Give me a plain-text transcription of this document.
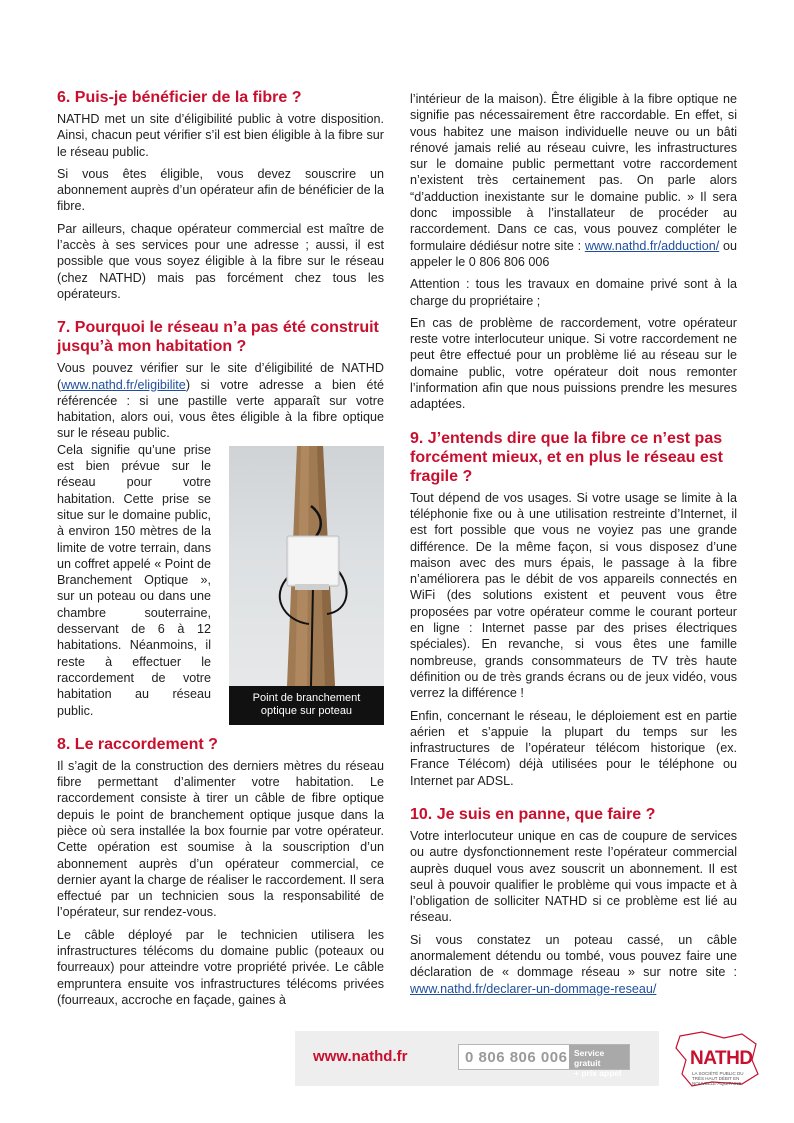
6. Puis-je bénéficier de la fibre ?

NATHD met un site d’éligibilité public à votre disposition. Ainsi, chacun peut vérifier s’il est bien éligible à la fibre sur le réseau public.

Si vous êtes éligible, vous devez souscrire un abonnement auprès d’un opérateur afin de bénéficier de la fibre.

Par ailleurs, chaque opérateur commercial est maître de l’accès à ses services pour une adresse ; aussi, il est possible que vous soyez éligible à la fibre sur le réseau (chez NATHD) mais pas forcément chez tous les opérateurs.

7. Pourquoi le réseau n’a pas été construit jusqu’à mon habitation ?

Vous pouvez vérifier sur le site d’éligibilité de NATHD (www.nathd.fr/eligibilite) si votre adresse a bien été référencée : si une pastille verte apparaît sur votre habitation, alors oui, vous êtes éligible à la fibre optique sur le réseau public.

Point de branchement optique sur poteau

Cela signifie qu’une prise est bien prévue sur le réseau pour votre habitation. Cette prise se situe sur le domaine public, à environ 150 mètres de la limite de votre terrain, dans un coffret appelé « Point de Branchement Optique », sur un poteau ou dans une chambre souterraine, desservant de 6 à 12 habitations. Néanmoins, il reste à effectuer le raccordement de votre habitation au réseau public.

8. Le raccordement ?

Il s’agit de la construction des derniers mètres du réseau fibre permettant d’alimenter votre habitation. Le raccordement consiste à tirer un câble de fibre optique depuis le point de branchement optique jusque dans la pièce où sera installée la box fournie par votre opérateur. Cette opération est soumise à la souscription d’un abonnement auprès d’un opérateur commercial, ce dernier ayant la charge de réaliser le raccordement. Il sera effectué par un technicien sous la responsabilité de l’opérateur, sur rendez-vous.

Le câble déployé par le technicien utilisera les infrastructures télécoms du domaine public (poteaux ou fourreaux) pour atteindre votre propriété privée. Le câble empruntera ensuite vos infrastructures télécoms privées (fourreaux, accroche en façade, gaines à

l’intérieur de la maison). Être éligible à la fibre optique ne signifie pas nécessairement être raccordable. En effet, si vous habitez une maison individuelle neuve ou un bâti rénové jamais relié au réseau cuivre, les infrastructures sur le domaine public permettant votre raccordement n’existent très certainement pas. On parle alors “d’adduction inexistante sur le domaine public. » Il sera donc impossible à l’installateur de procéder au raccordement. Dans ce cas, vous pouvez compléter le formulaire dédiésur notre site : www.nathd.fr/adduction/ ou appeler le 0 806 806 006

Attention : tous les travaux en domaine privé sont à la charge du propriétaire ;

En cas de problème de raccordement, votre opérateur reste votre interlocuteur unique. Si votre raccordement ne peut être effectué pour un problème lié au réseau sur le domaine public, votre opérateur doit nous remonter l’information afin que nous puissions prendre les mesures adaptées.

9. J’entends dire que la fibre ce n’est pas forcément mieux, et en plus le réseau est fragile ?

Tout dépend de vos usages. Si votre usage se limite à la téléphonie fixe ou à une utilisation restreinte d’Internet, il est fort possible que vous ne voyiez pas une grande différence. De la même façon, si vous disposez d’une maison avec des murs épais, le passage à la fibre n’améliorera pas le débit de vos appareils connectés en WiFi (des solutions existent et peuvent vous être proposées par votre opérateur comme le courant porteur en ligne : Internet passe par des prises électriques spéciales). En revanche, si vous êtes une famille nombreuse, grands consommateurs de TV très haute définition ou de très grands écrans ou de jeux vidéo, vous verrez la différence !

Enfin, concernant le réseau, le déploiement est en partie aérien et s’appuie la plupart du temps sur les infrastructures de l’opérateur télécom historique (ex. France Télécom) déjà utilisées pour le téléphone ou Internet par ADSL.

10. Je suis en panne, que faire ?

Votre interlocuteur unique en cas de coupure de services ou autre dysfonctionnement reste l’opérateur commercial auprès duquel vous avez souscrit un abonnement. Il est seul à pouvoir qualifier le problème qui vous impacte et à l’obligation de solliciter NATHD si ce problème est lié au réseau.

Si vous constatez un poteau cassé, un câble anormalement détendu ou tombé, vous pouvez faire une déclaration de « dommage réseau » sur notre site : www.nathd.fr/declarer-un-dommage-reseau/

www.nathd.fr	0 806 806 006 Service gratuit
+ prix appel
NATHD
LA SOCIÉTÉ PUBLIC DU TRÈS HAUT DÉBIT EN NOUVELLE-AQUITAINE
